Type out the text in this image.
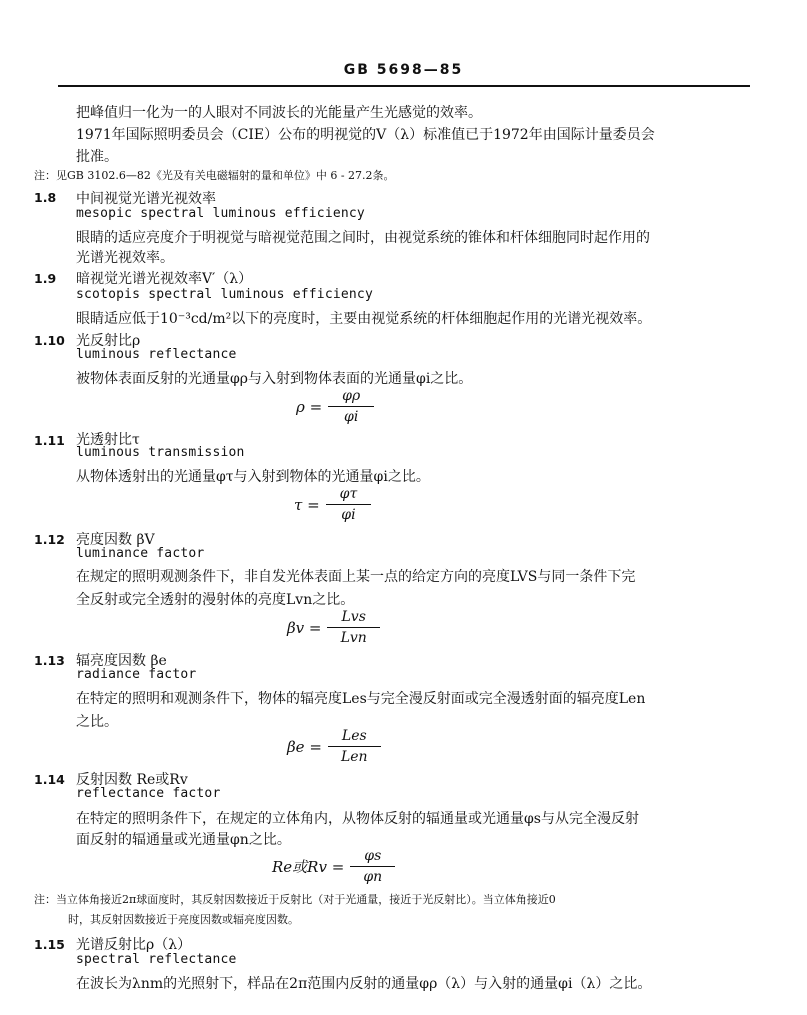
GB 5698—85
把峰值归一化为一的人眼对不同波长的光能量产生光感觉的效率。
1971年国际照明委员会（CIE）公布的明视觉的V（λ）标准值已于1972年由国际计量委员会
批准。
注：见GB 3102.6—82《光及有关电磁辐射的量和单位》中 6 - 27.2条。
1.8 中间视觉光谱光视效率
mesopic spectral luminous efficiency
眼睛的适应亮度介于明视觉与暗视觉范围之间时，由视觉系统的锥体和杆体细胞同时起作用的
光谱光视效率。
1.9 暗视觉光谱光视效率V′（λ）
scotopis spectral luminous efficiency
眼睛适应低于10⁻³cd/m²以下的亮度时，主要由视觉系统的杆体细胞起作用的光谱光视效率。
1.10 光反射比ρ
luminous reflectance
被物体表面反射的光通量φρ与入射到物体表面的光通量φi之比。
$\rho = \frac{\varphi\rho}{\varphi i}$
1.11 光透射比τ
luminous transmission
从物体透射出的光通量φτ与入射到物体的光通量φi之比。
$\tau = \frac{\varphi\tau}{\varphi i}$
1.12 亮度因数 βV
luminance factor
在规定的照明观测条件下，非自发光体表面上某一点的给定方向的亮度LVS与同一条件下完
全反射或完全透射的漫射体的亮度Lvn之比。
βv =
Lvs
Lvn
1.13 辐亮度因数 βe
radiance factor
在特定的照明和观测条件下，物体的辐亮度Les与完全漫反射面或完全漫透射面的辐亮度Len
之比。
βe =
Les
Len
1.14 反射因数 Re或Rv
reflectance factor
在特定的照明条件下，在规定的立体角内，从物体反射的辐通量或光通量φs与从完全漫反射
面反射的辐通量或光通量φn之比。
Re或$Rv = \frac{\varphi s}{\varphi n}$
注：当立体角接近2π球面度时，其反射因数接近于反射比（对于光通量，接近于光反射比）。当立体角接近0
时，其反射因数接近于亮度因数或辐亮度因数。
1.15 光谱反射比ρ（λ）
spectral reflectance
在波长为λnm的光照射下，样品在2π范围内反射的通量φρ（λ）与入射的通量φi（λ）之比。
